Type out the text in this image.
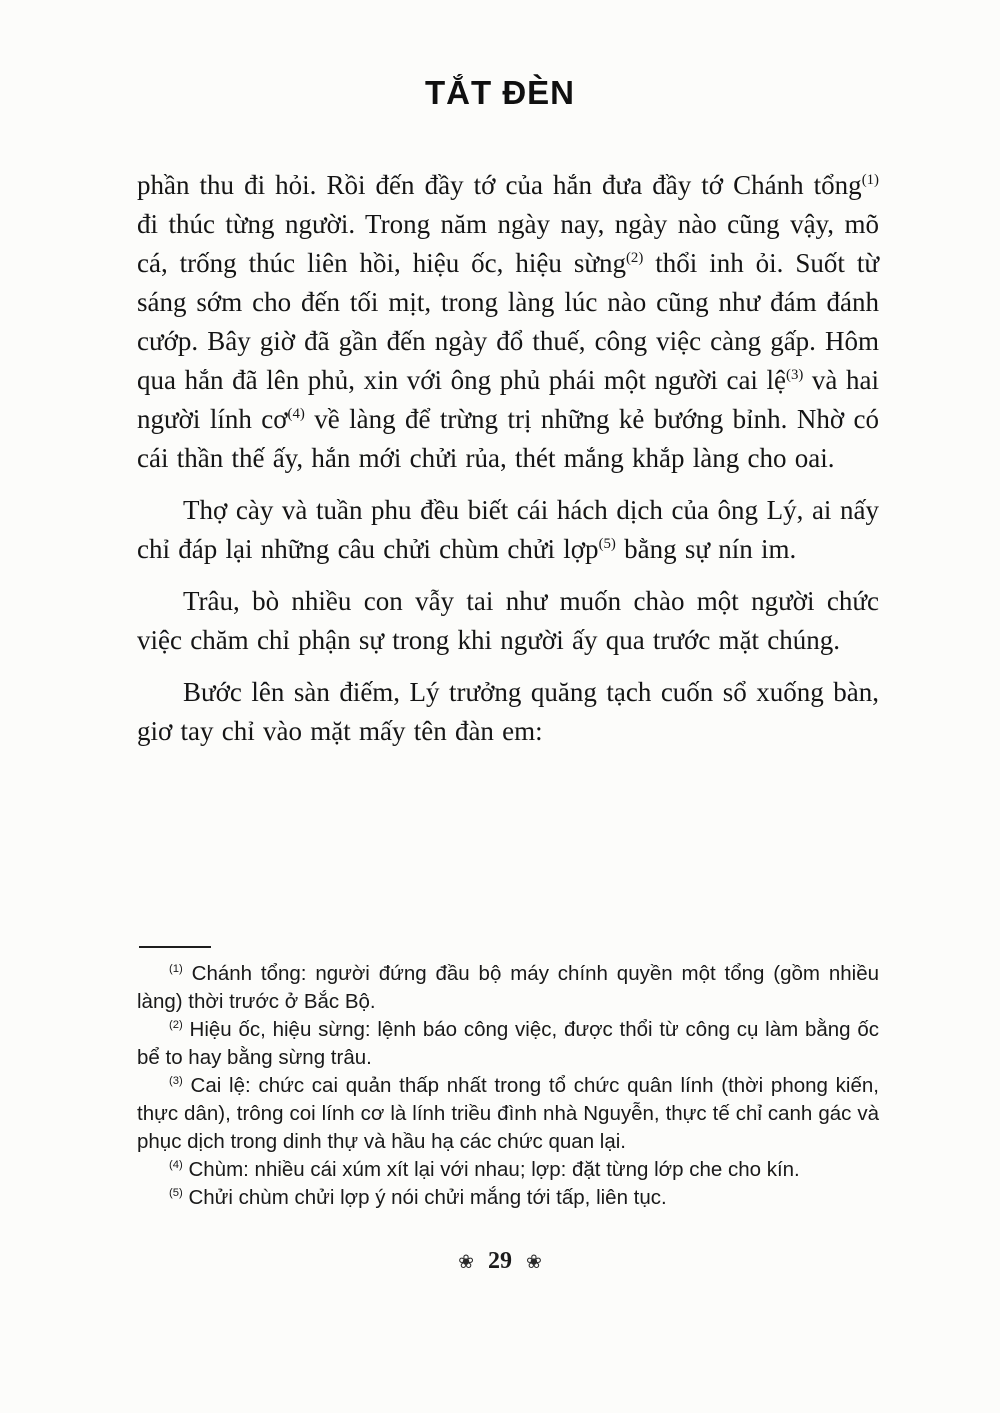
TẮT ĐÈN

phần thu đi hỏi. Rồi đến đầy tớ của hắn đưa đầy tớ Chánh tổng$^{(1)}$ đi thúc từng người. Trong năm ngày nay, ngày nào cũng vậy, mõ cá, trống thúc liên hồi, hiệu ốc, hiệu sừng$^{(2)}$ thổi inh ỏi. Suốt từ sáng sớm cho đến tối mịt, trong làng lúc nào cũng như đám đánh cướp. Bây giờ đã gần đến ngày đổ thuế, công việc càng gấp. Hôm qua hắn đã lên phủ, xin với ông phủ phái một người cai lệ$^{(3)}$ và hai người lính $cơ^{(4)}$ về làng để trừng trị những kẻ bướng bỉnh. Nhờ có cái thần thế ấy, hắn mới chửi rủa, thét mắng khắp làng cho oai.

Thợ cày và tuần phu đều biết cái hách dịch của ông Lý, ai nấy chỉ đáp lại những câu chửi chùm chửi lợp$^{(5)}$ bằng sự nín im.

Trâu, bò nhiều con vẫy tai như muốn chào một người chức việc chăm chỉ phận sự trong khi người ấy qua trước mặt chúng.

Bước lên sàn điếm, Lý trưởng quăng tạch cuốn sổ xuống bàn, giơ tay chỉ vào mặt mấy tên đàn em:

$^{(1)}$ Chánh tổng: người đứng đầu bộ máy chính quyền một tổng (gồm nhiều làng) thời trước ở Bắc Bộ.

$^{(2)}$ Hiệu ốc, hiệu sừng: lệnh báo công việc, được thổi từ công cụ làm bằng ốc bể to hay bằng sừng trâu.

$^{(3)}$ Cai lệ: chức cai quản thấp nhất trong tổ chức quân lính (thời phong kiến, thực dân), trông coi lính cơ là lính triều đình nhà Nguyễn, thực tế chỉ canh gác và phục dịch trong dinh thự và hầu hạ các chức quan lại.

$^{(4)}$ Chùm: nhiều cái xúm xít lại với nhau; lợp: đặt từng lớp che cho kín.

$^{(5)}$ Chửi chùm chửi lợp ý nói chửi mắng tới tấp, liên tục.

❀ 29 ❀
